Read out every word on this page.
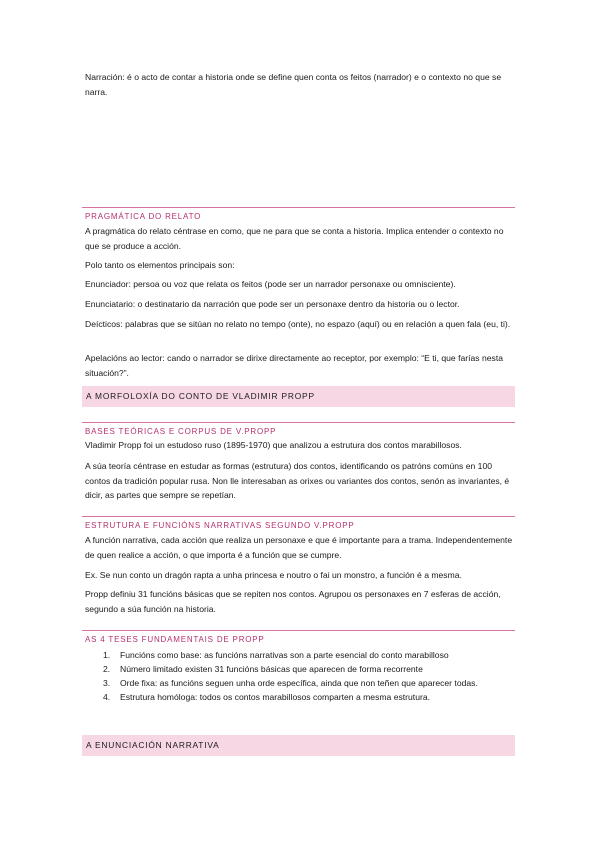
Narración: é o acto de contar a historia onde se define quen conta os feitos (narrador) e o contexto no que se narra.

PRAGMÁTICA DO RELATO

A pragmática do relato céntrase en como, que ne para que se conta a historia. Implica entender o contexto no que se produce a acción.

Polo tanto os elementos principais son:

Enunciador: persoa ou voz que relata os feitos (pode ser un narrador personaxe ou omnisciente).

Enunciatario: o destinatario da narración que pode ser un personaxe dentro da historia ou o lector.

Deícticos: palabras que se sitúan no relato no tempo (onte), no espazo (aquí) ou en relación a quen fala (eu, ti).

Apelacións ao lector: cando o narrador se dirixe directamente ao receptor, por exemplo: “E ti, que farías nesta situación?”.

A MORFOLOXÍA DO CONTO DE VLADIMIR PROPP

BASES TEÓRICAS E CORPUS DE V.PROPP

Vladimir Propp foi un estudoso ruso (1895-1970) que analizou a estrutura dos contos marabillosos.

A súa teoría céntrase en estudar as formas (estrutura) dos contos, identificando os patróns comúns en 100 contos da tradición popular rusa. Non lle interesaban as orixes ou variantes dos contos, senón as invariantes, é dicir, as partes que sempre se repetían.

ESTRUTURA E FUNCIÓNS NARRATIVAS SEGUNDO V.PROPP

A función narrativa, cada acción que realiza un personaxe e que é importante para a trama. Independentemente de quen realice a acción, o que importa é a función que se cumpre.

Ex. Se nun conto un dragón rapta a unha princesa e noutro o fai un monstro, a función é a mesma.

Propp definiu 31 funcións básicas que se repiten nos contos. Agrupou os personaxes en 7 esferas de acción, segundo a súa función na historia.

AS 4 TESES FUNDAMENTAIS DE PROPP

1. Funcións como base: as funcións narrativas son a parte esencial do conto marabilloso
2. Número limitado existen 31 funcións básicas que aparecen de forma recorrente
3. Orde fixa: as funcións seguen unha orde específica, ainda que non teñen que aparecer todas.
4. Estrutura homóloga: todos os contos marabillosos comparten a mesma estrutura.
A ENUNCIACIÓN NARRATIVA
